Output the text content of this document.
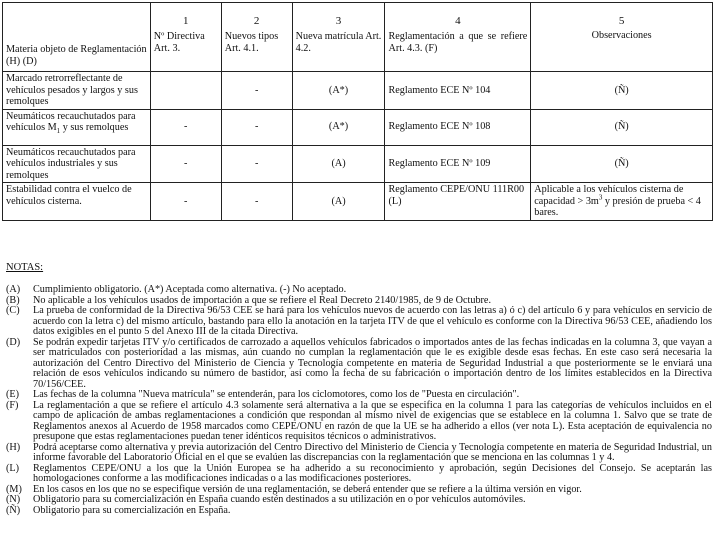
	1	2	3	4	5
Materia objeto de Reglamentación (H) (D)	Nº Directiva Art. 3.	Nuevos tipos Art. 4.1.	Nueva matrícula Art. 4.2.	Reglamentación a que se refiere Art. 4.3. (F)	Observaciones
Marcado retrorreflectante de vehículos pesados y largos y sus remolques		-	(A*)	Reglamento ECE Nº 104	(Ñ)
Neumáticos recauchutados para vehículos $M_1$ y sus remolques	-	-	(A*)	Reglamento ECE Nº 108	(Ñ)
Neumáticos recauchutados para vehículos industriales y sus remolques	-	-	(A)	Reglamento ECE Nº 109	(Ñ)
Estabilidad contra el vuelco de vehículos cisterna.	-	-	(A)	Reglamento CEPE/ONU 111R00 (L)	Aplicable a los vehículos cisterna de capacidad > $3m^3$ y presión de prueba < 4 bares.
NOTAS:
(A)	Cumplimiento obligatorio. (A*) Aceptada como alternativa. (-) No aceptado.
(B)	No aplicable a los vehículos usados de importación a que se refiere el Real Decreto 2140/1985, de 9 de Octubre.
(C)	La prueba de conformidad de la Directiva 96/53 CEE se hará para los vehículos nuevos de acuerdo con las letras a) ó c) del artículo 6 y para vehículos en servicio de acuerdo con la letra c) del mismo artículo, bastando para ello la anotación en la tarjeta ITV de que el vehículo es conforme con la Directiva 96/53 CEE, añadiendo los datos exigibles en el punto 5 del Anexo III de la citada Directiva.
(D)	Se podrán expedir tarjetas ITV y/o certificados de carrozado a aquellos vehículos fabricados o importados antes de las fechas indicadas en la columna 3, que vayan a ser matriculados con posterioridad a las mismas, aún cuando no cumplan la reglamentación que le es exigible desde esas fechas. En este caso será necesaria la autorización del Centro Directivo del Ministerio de Ciencia y Tecnología competente en materia de Seguridad Industrial a que posteriormente se le enviará una relación de esos vehículos indicando su número de bastidor, así como la fecha de su fabricación o importación dentro de los límites establecidos en la Directiva 70/156/CEE.
(E)	Las fechas de la columna "Nueva matrícula" se entenderán, para los ciclomotores, como los de "Puesta en circulación".
(F)	La reglamentación a que se refiere el artículo 4.3 solamente será alternativa a la que se especifica en la columna 1 para las categorías de vehículos incluidos en el campo de aplicación de ambas reglamentaciones a condición que respondan al mismo nivel de exigencias que se establece en la columna 1. Salvo que se trate de Reglamentos anexos al Acuerdo de 1958 marcados como CEPE/ONU en razón de que la UE se ha adherido a ellos (ver nota L). Esta aceptación de equivalencia no presupone que estas reglamentaciones puedan tener idénticos requisitos técnicos o administrativos.
(H)	Podrá aceptarse como alternativa y previa autorización del Centro Directivo del Ministerio de Ciencia y Tecnología competente en materia de Seguridad Industrial, un informe favorable del Laboratorio Oficial en el que se evalúen las discrepancias con la reglamentación que se menciona en las columnas 1 y 4.
(L)	Reglamentos CEPE/ONU a los que la Unión Europea se ha adherido a su reconocimiento y aprobación, según Decisiones del Consejo. Se aceptarán las homologaciones conforme a las modificaciones indicadas o a las modificaciones posteriores.
(M)	En los casos en los que no se especifique versión de una reglamentación, se deberá entender que se refiere a la última versión en vigor.
(N)	Obligatorio para su comercialización en España cuando estén destinados a su utilización en o por vehículos automóviles.
(Ñ)	Obligatorio para su comercialización en España.
